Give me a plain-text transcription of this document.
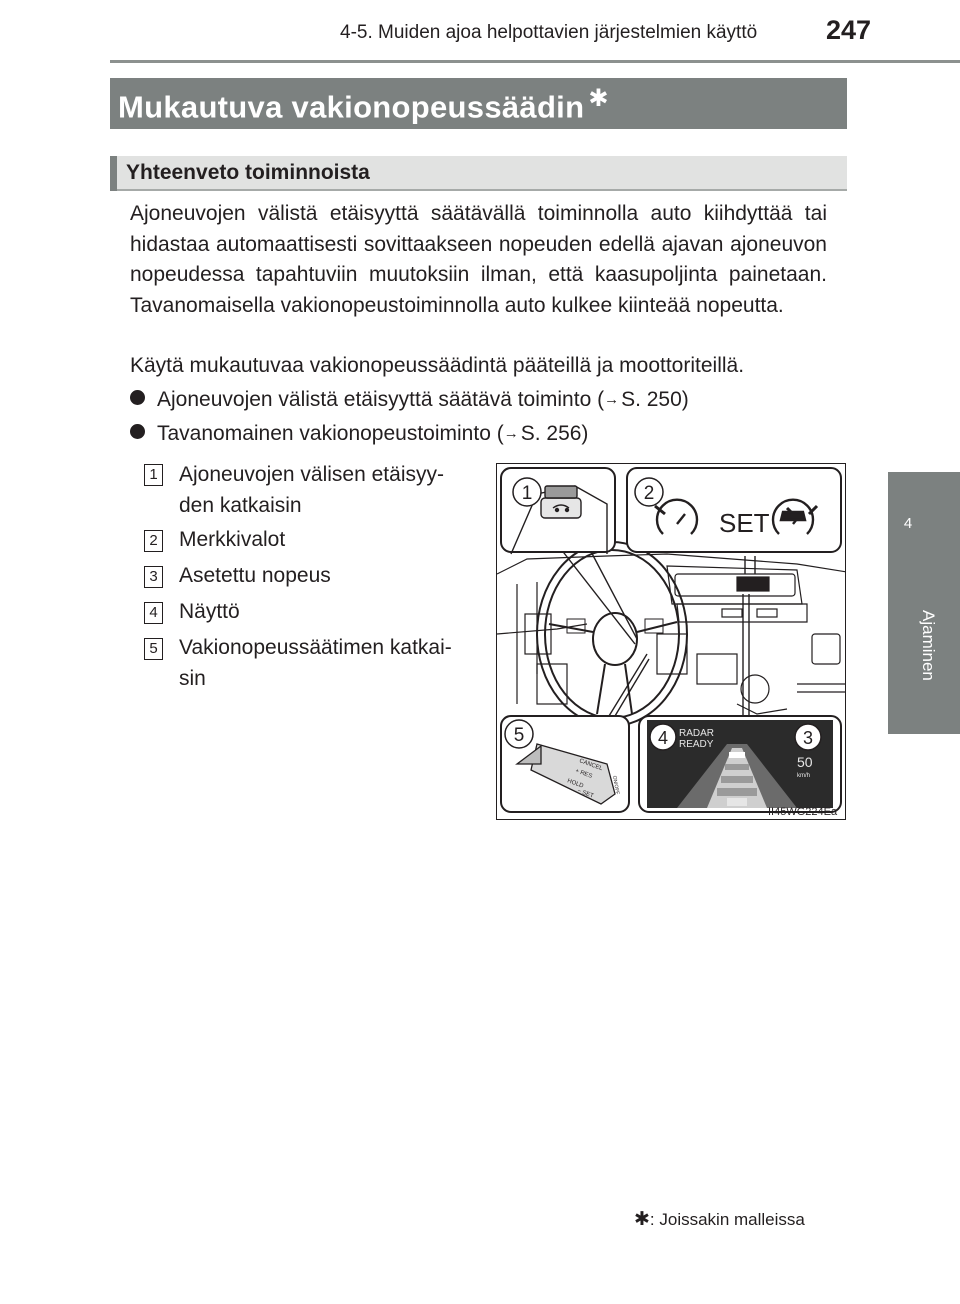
4-5. Muiden ajoa helpottavien järjestelmien käyttö	247
4
Ajaminen
Mukautuva vakionopeussäädin ✱
Yhteenveto toiminnoista
Ajoneuvojen välistä etäisyyttä säätävällä toiminnolla auto kiihdyttää tai hidastaa automaattisesti sovittaakseen nopeuden edellä ajavan ajoneuvon nopeudessa tapahtuviin muutoksiin ilman, että kaasupoljinta painetaan. Tavanomaisella vakionopeustoiminnolla auto kulkee kiinteää nopeutta.
Käytä mukautuvaa vakionopeussäädintä pääteillä ja moottoriteillä.
Ajoneuvojen välistä etäisyyttä säätävä toiminto (→S. 250)
Tavanomainen vakionopeustoiminto (→S. 256)
1 Ajoneuvojen välisen etäisyy-
den katkaisin
2 Merkkivalot
3 Asetettu nopeus
4 Näyttö
5 Vakionopeussäätimen katkai-
sin
1	2
SET
CANCEL
+ RES
HOLD
− SET	ON/OFF
5	RADAR
READY
50
km/h
4	3
II45WG224Ea
✱: Joissakin malleissa
